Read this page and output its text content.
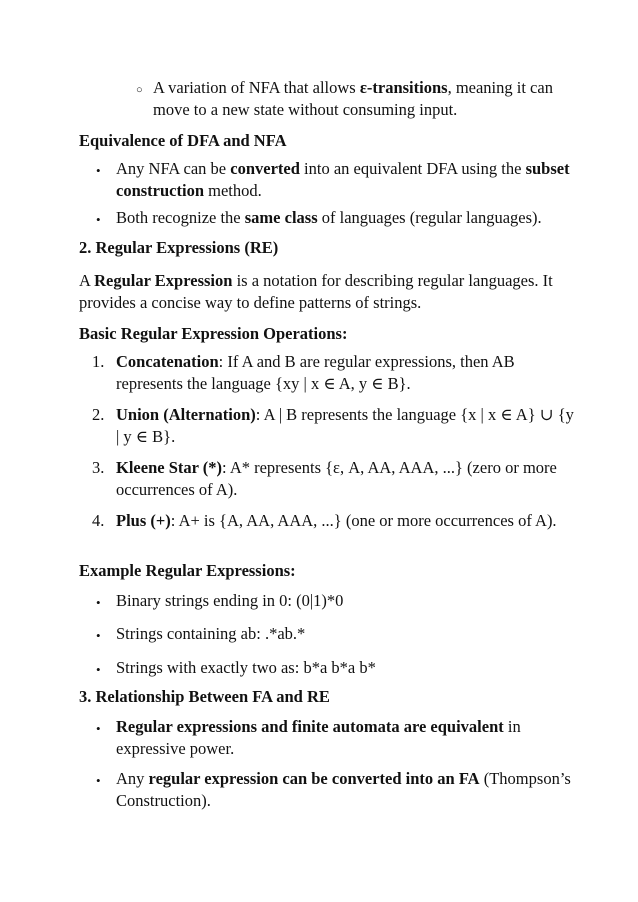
○ A variation of NFA that allows ε-transitions, meaning it can move to a new state without consuming input.
Equivalence of DFA and NFA
• Any NFA can be converted into an equivalent DFA using the subset construction method.
• Both recognize the same class of languages (regular languages).
2. Regular Expressions (RE)
A Regular Expression is a notation for describing regular languages. It provides a concise way to define patterns of strings.
Basic Regular Expression Operations:
1. Concatenation: If A and B are regular expressions, then AB represents the language {xy | x ∈ A, y ∈ B}.
2. Union (Alternation): A | B represents the language {x | x ∈ A} ∪ {y | y ∈ B}.
3. Kleene Star (*): A* represents {ε, A, AA, AAA, ...} (zero or more occurrences of A).
4. Plus (+): A+ is {A, AA, AAA, ...} (one or more occurrences of A).
Example Regular Expressions:
• Binary strings ending in 0: (0|1)*0
• Strings containing ab: .*ab.*
• Strings with exactly two as: b*a b*a b*
3. Relationship Between FA and RE
• Regular expressions and finite automata are equivalent in expressive power.
• Any regular expression can be converted into an FA (Thompson’s Construction).
